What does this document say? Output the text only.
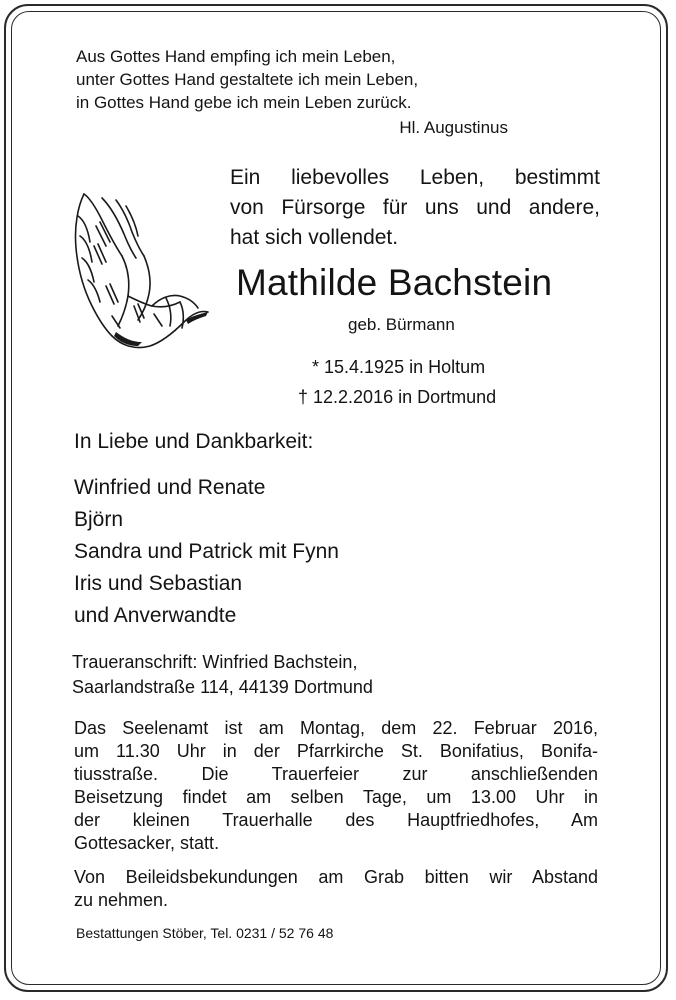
Aus Gottes Hand empfing ich mein Leben,
unter Gottes Hand gestaltete ich mein Leben,
in Gottes Hand gebe ich mein Leben zurück.
Hl. Augustinus
Ein liebevolles Leben, bestimmt
von Fürsorge für uns und andere,
hat sich vollendet.
Mathilde Bachstein
geb. Bürmann
* 15.4.1925 in Holtum
† 12.2.2016 in Dortmund
In Liebe und Dankbarkeit:
Winfried und Renate
Björn
Sandra und Patrick mit Fynn
Iris und Sebastian
und Anverwandte
Traueranschrift: Winfried Bachstein,
Saarlandstraße 114, 44139 Dortmund
Das Seelenamt ist am Montag, dem 22. Februar 2016,
um 11.30 Uhr in der Pfarrkirche St. Bonifatius, Bonifa-
tiusstraße. Die Trauerfeier zur anschließenden
Beisetzung findet am selben Tage, um 13.00 Uhr in
der kleinen Trauerhalle des Hauptfriedhofes, Am
Gottesacker, statt.
Von Beileidsbekundungen am Grab bitten wir Abstand
zu nehmen.
Bestattungen Stöber, Tel. 0231 / 52 76 48
